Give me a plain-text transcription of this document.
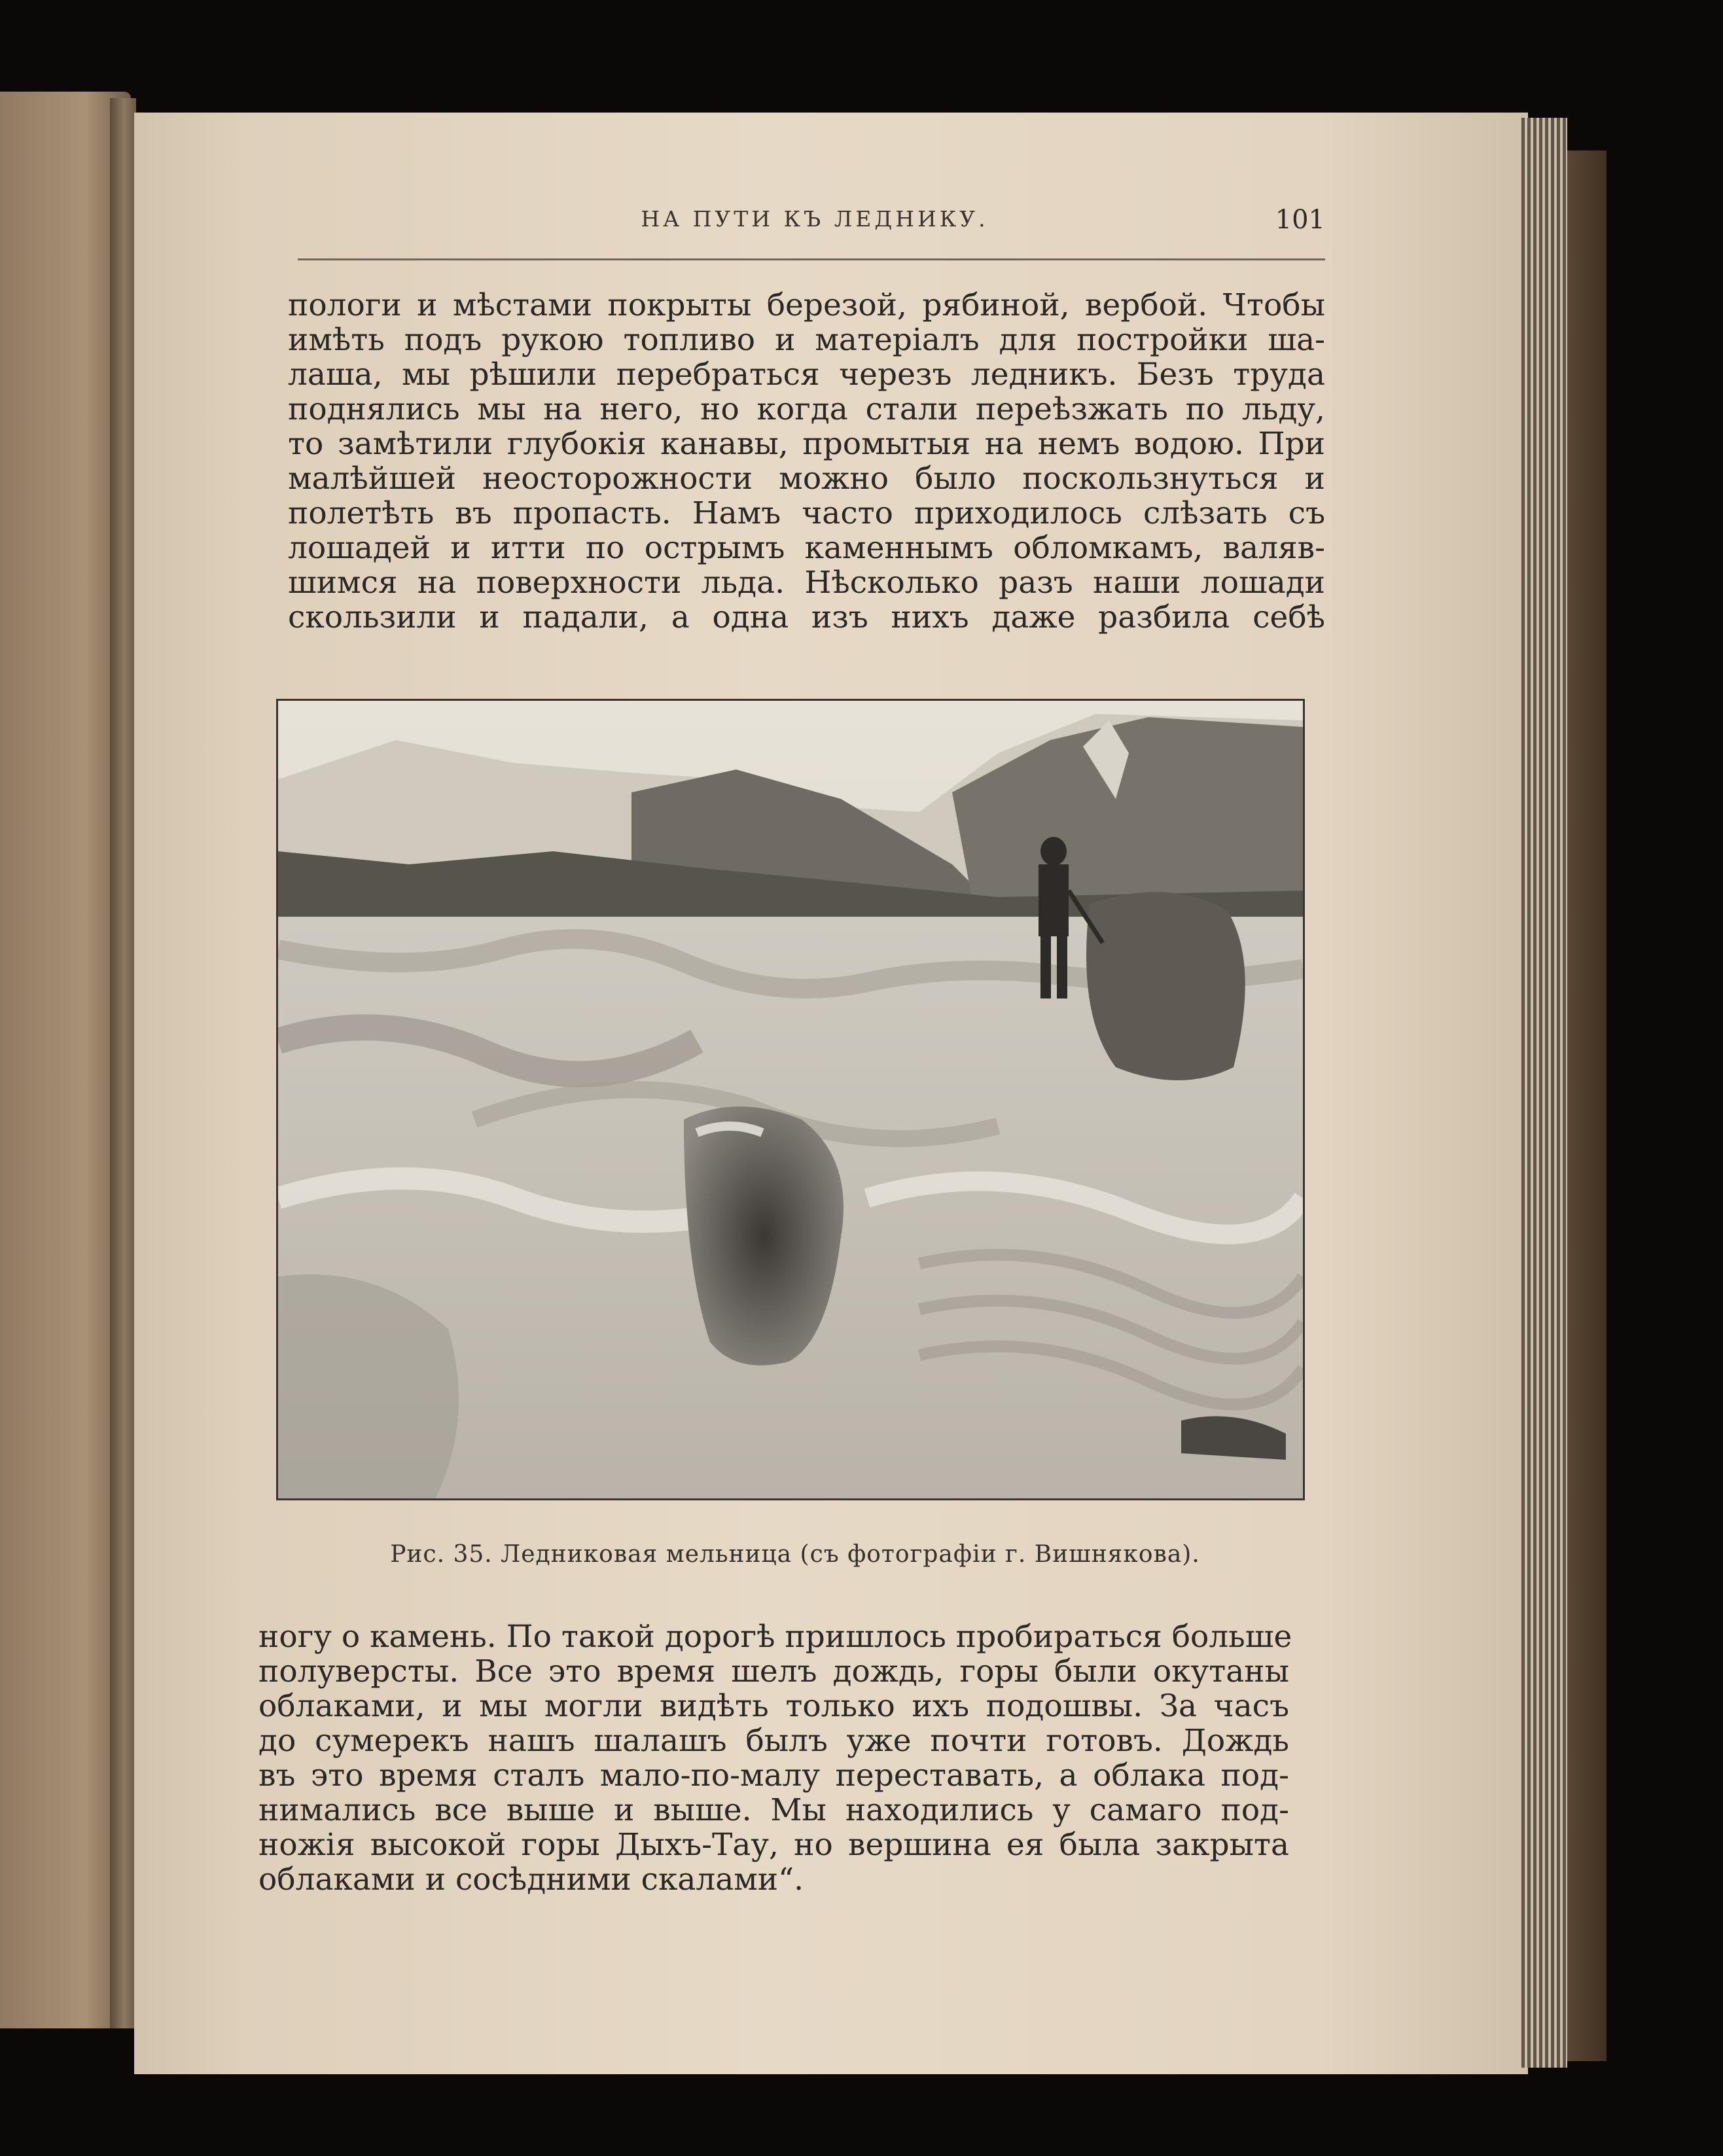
НА ПУТИ КЪ ЛЕДНИКУ.	101
пологи и мѣстами покрыты березой, рябиной, вербой. Чтобы
имѣть подъ рукою топливо и матеріалъ для постройки ша-
лаша, мы рѣшили перебраться черезъ ледникъ. Безъ труда
поднялись мы на него, но когда стали переѣзжать по льду,
то замѣтили глубокія канавы, промытыя на немъ водою. При
малѣйшей неосторожности можно было поскользнуться и
полетѣть въ пропасть. Намъ часто приходилось слѣзать съ
лошадей и итти по острымъ каменнымъ обломкамъ, валяв-
шимся на поверхности льда. Нѣсколько разъ наши лошади
скользили и падали, а одна изъ нихъ даже разбила себѣ
Рис. 35. Ледниковая мельница (съ фотографіи г. Вишнякова).
ногу о камень. По такой дорогѣ пришлось пробираться больше
полуверсты. Все это время шелъ дождь, горы были окутаны
облаками, и мы могли видѣть только ихъ подошвы. За часъ
до сумерекъ нашъ шалашъ былъ уже почти готовъ. Дождь
въ это время сталъ мало-по-малу переставать, а облака под-
нимались все выше и выше. Мы находились у самаго под-
ножія высокой горы Дыхъ-Тау, но вершина ея была закрыта
облаками и сосѣдними скалами“.
